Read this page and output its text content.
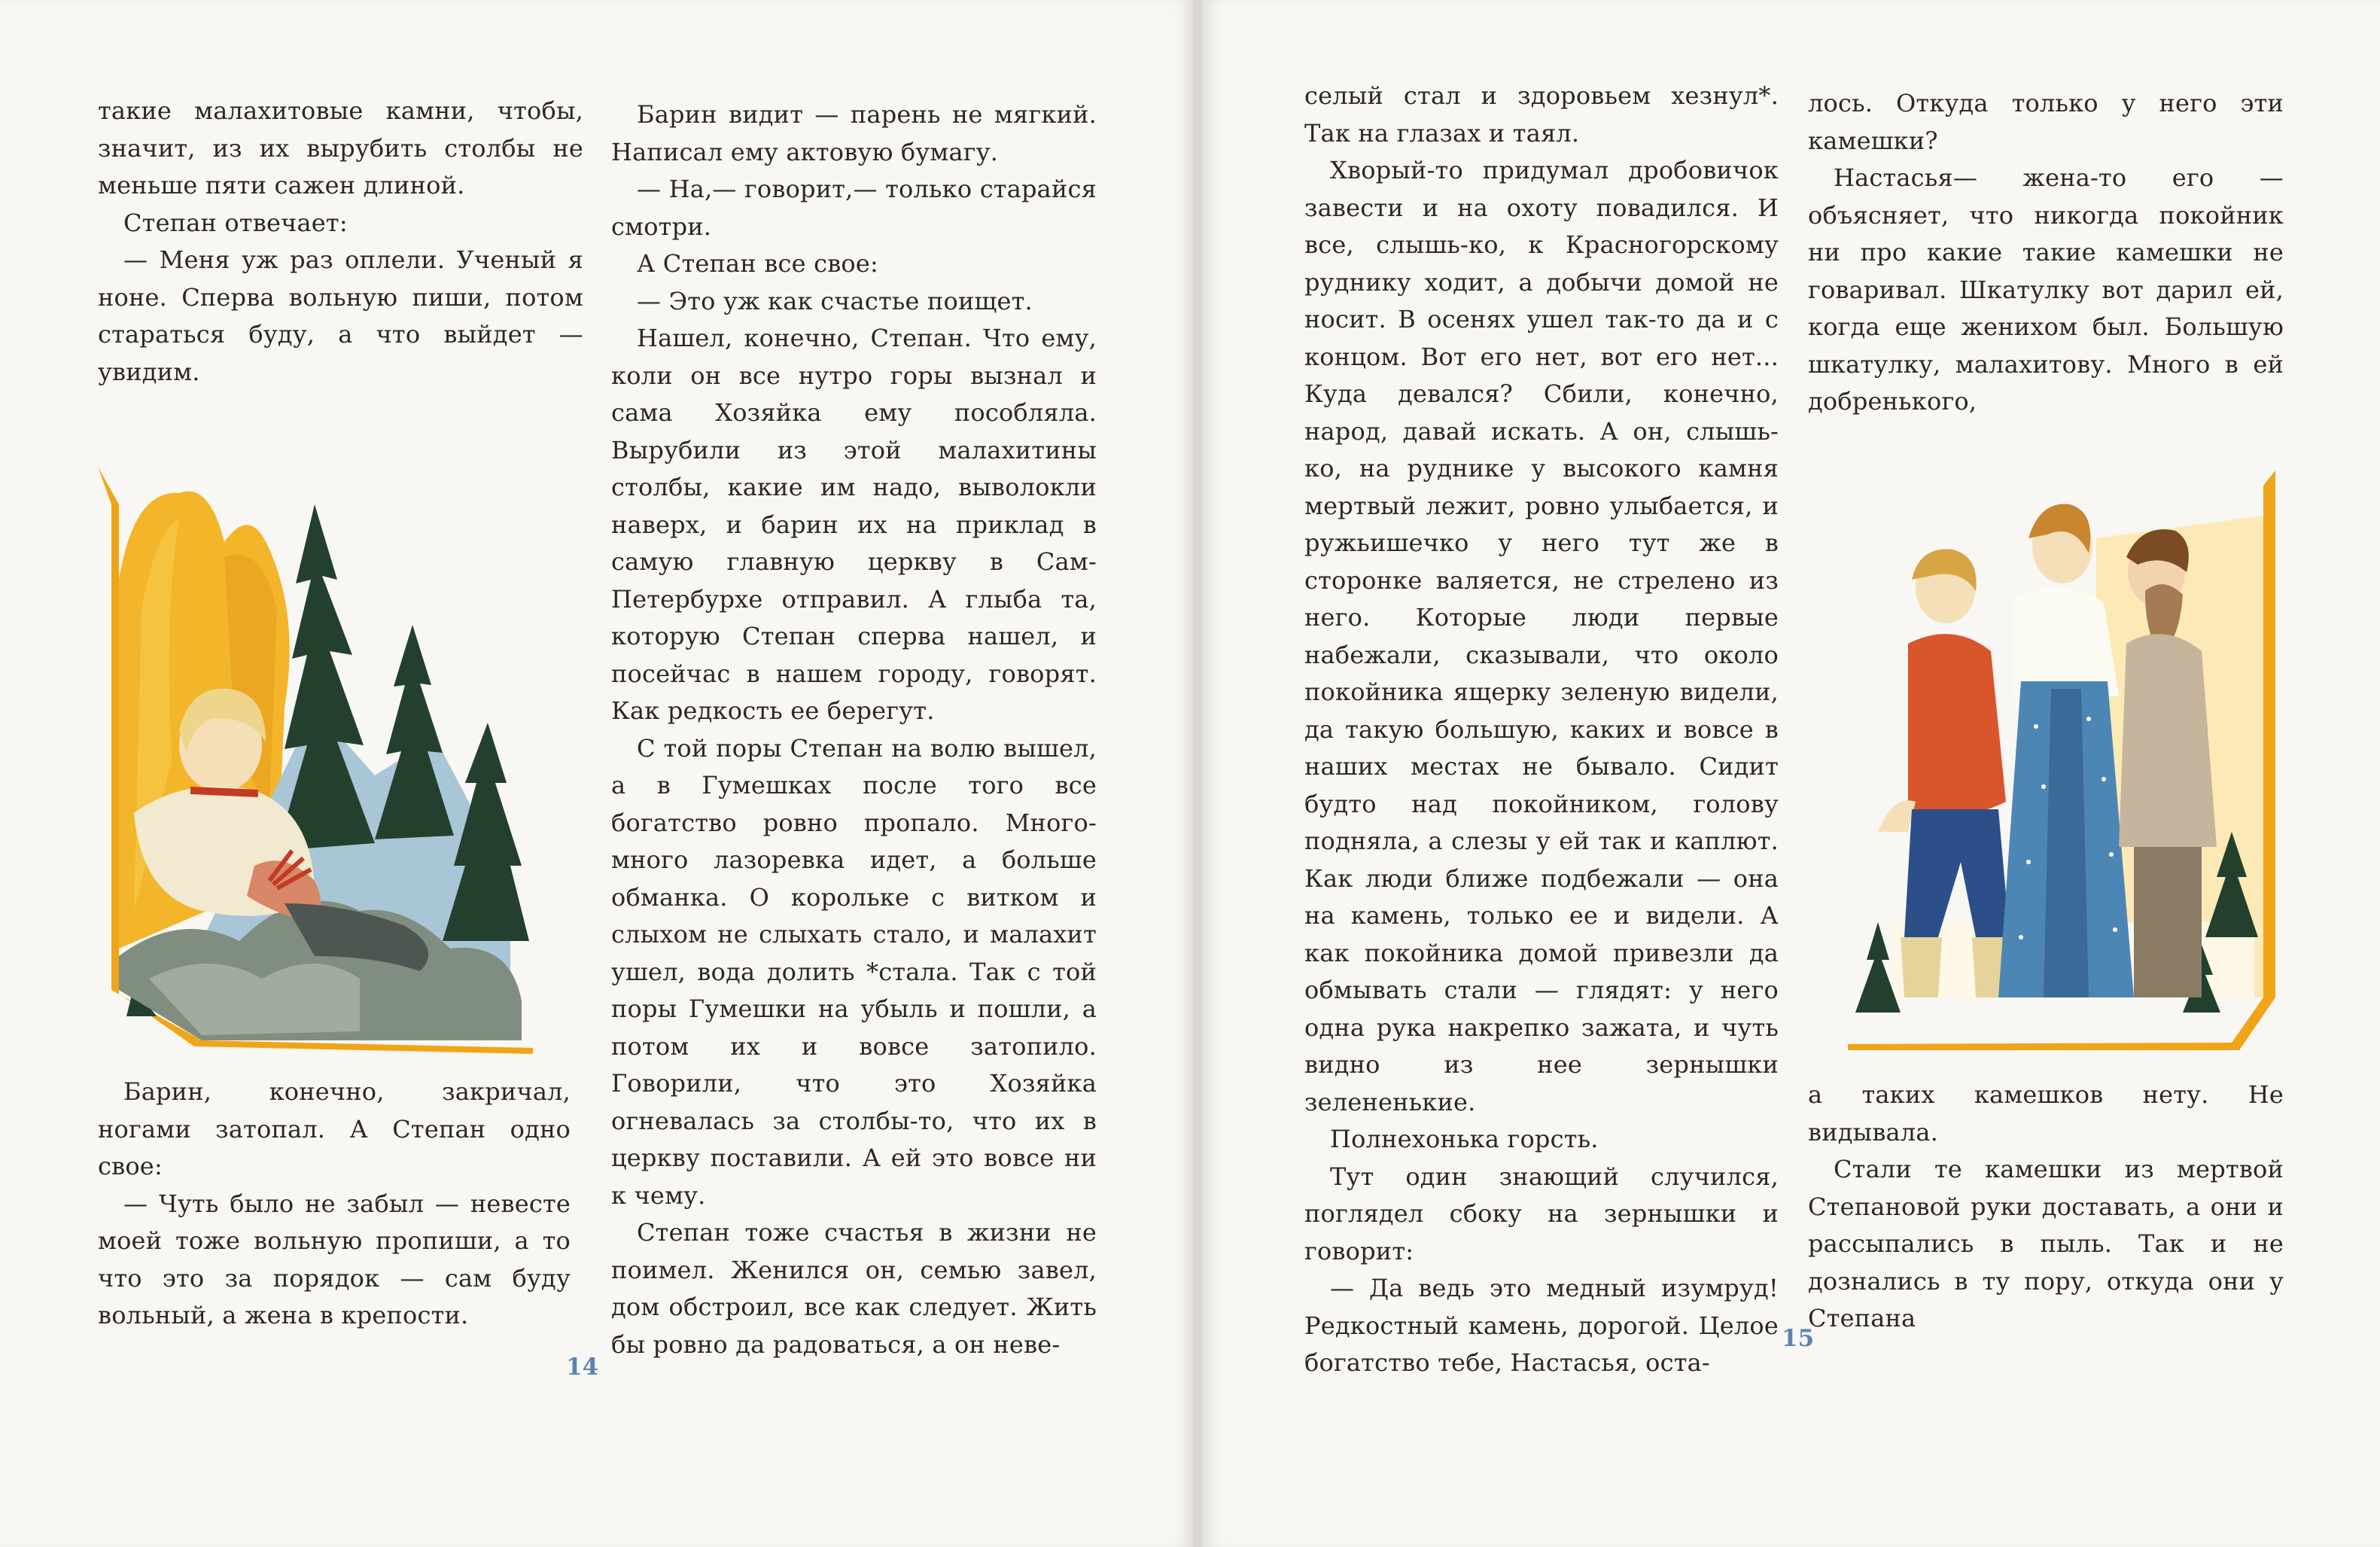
такие малахитовые камни, чтобы, значит, из их вырубить столбы не меньше пяти сажен длиной.

Степан отвечает:

— Меня уж раз оплели. Ученый я ноне. Сперва вольную пиши, потом стараться буду, а что выйдет — увидим.

Барин, конечно, закричал, ногами затопал. А Степан одно свое:

— Чуть было не забыл — невесте моей тоже вольную пропиши, а то что это за порядок — сам буду вольный, а жена в крепости.

Барин видит — парень не мягкий. Написал ему актовую бумагу.

— На,— говорит,— только старайся смотри.

А Степан все свое:

— Это уж как счастье поищет.

Нашел, конечно, Степан. Что ему, коли он все нутро горы вызнал и сама Хозяйка ему пособляла. Вырубили из этой малахитины столбы, какие им надо, выволокли наверх, и барин их на приклад в самую главную церкву в Сам-Петербурхе отправил. А глыба та, которую Степан сперва нашел, и посейчас в нашем городу, говорят. Как редкость ее берегут.

С той поры Степан на волю вышел, а в Гумешках после того все богатство ровно пропало. Много-много лазоревка идет, а больше обманка. О корольке с витком и слыхом не слыхать стало, и малахит ушел, вода долить *стала. Так с той поры Гумешки на убыль и пошли, а потом их и вовсе затопило. Говорили, что это Хозяйка огневалась за столбы-то, что их в церкву поставили. А ей это вовсе ни к чему.

Степан тоже счастья в жизни не поимел. Женился он, семью завел, дом обстроил, все как следует. Жить бы ровно да радоваться, а он неве-

14

селый стал и здоровьем хезнул*. Так на глазах и таял.

Хворый-то придумал дробовичок завести и на охоту повадился. И все, слышь-ко, к Красногорскому руднику ходит, а добычи домой не носит. В осенях ушел так-то да и с концом. Вот его нет, вот его нет... Куда девался? Сбили, конечно, народ, давай искать. А он, слышь-ко, на руднике у высокого камня мертвый лежит, ровно улыбается, и ружьишечко у него тут же в сторонке валяется, не стрелено из него. Которые люди первые набежали, сказывали, что около покойника ящерку зеленую видели, да такую большую, каких и вовсе в наших местах не бывало. Сидит будто над покойником, голову подняла, а слезы у ей так и каплют. Как люди ближе подбежали — она на камень, только ее и видели. А как покойника домой привезли да обмывать стали — глядят: у него одна рука накрепко зажата, и чуть видно из нее зернышки зелененькие.

Полнехонька горсть.

Тут один знающий случился, поглядел сбоку на зернышки и говорит:

— Да ведь это медный изумруд! Редкостный камень, дорогой. Целое богатство тебе, Настасья, оста-

лось. Откуда только у него эти камешки?

Настасья— жена-то его — объясняет, что никогда покойник ни про какие такие камешки не говаривал. Шкатулку вот дарил ей, когда еще женихом был. Большую шкатулку, малахитову. Много в ей добренького,

а таких камешков нету. Не видывала.

Стали те камешки из мертвой Степановой руки доставать, а они и рассыпались в пыль. Так и не дознались в ту пору, откуда они у Степана

15
